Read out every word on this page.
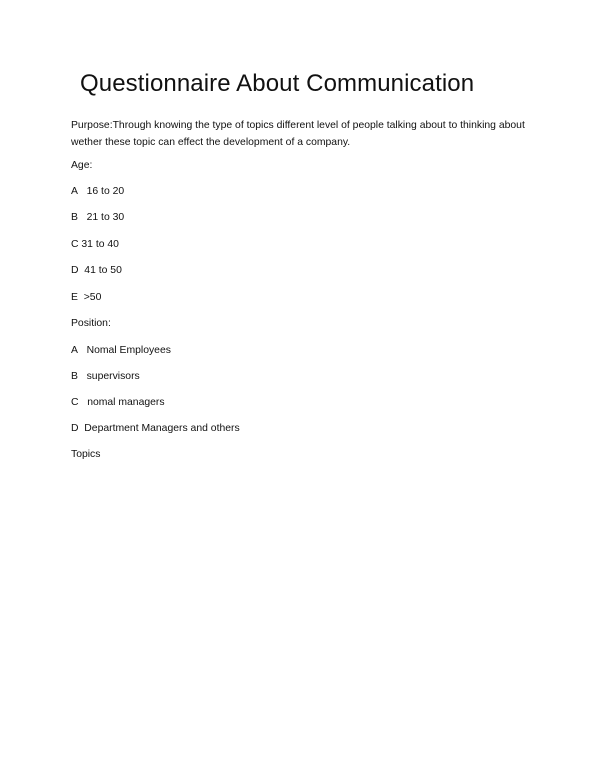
Questionnaire About Communication

Purpose:Through knowing the type of topics different level of people talking about to thinking about wether these topic can effect the development of a company.

Age:

A 16 to 20

B 21 to 30

C 31 to 40

D 41 to 50

E >50

Position:

A Nomal Employees

B supervisors

C nomal managers

D Department Managers and others

Topics
